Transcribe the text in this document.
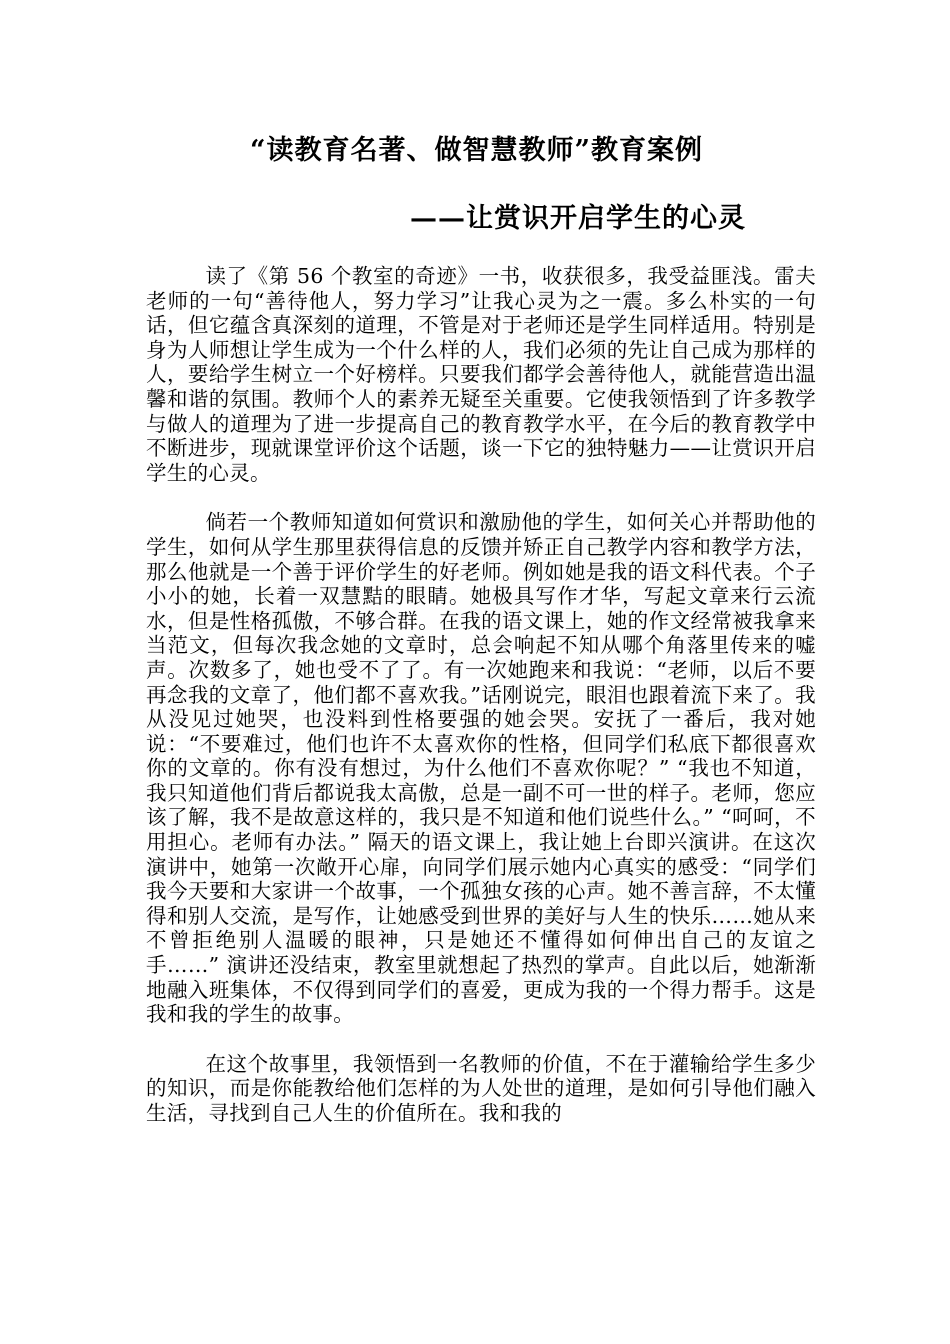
“读教育名著、做智慧教师”教育案例
——让赏识开启学生的心灵

读了《第 56 个教室的奇迹》一书，收获很多，我受益匪浅。雷夫老师的一句“善待他人，努力学习”让我心灵为之一震。多么朴实的一句话，但它蕴含真深刻的道理，不管是对于老师还是学生同样适用。特别是身为人师想让学生成为一个什么样的人，我们必须的先让自己成为那样的人，要给学生树立一个好榜样。只要我们都学会善待他人，就能营造出温馨和谐的氛围。教师个人的素养无疑至关重要。它使我领悟到了许多教学与做人的道理为了进一步提高自己的教育教学水平，在今后的教育教学中不断进步，现就课堂评价这个话题，谈一下它的独特魅力——让赏识开启学生的心灵。

倘若一个教师知道如何赏识和激励他的学生，如何关心并帮助他的学生，如何从学生那里获得信息的反馈并矫正自己教学内容和教学方法，那么他就是一个善于评价学生的好老师。例如她是我的语文科代表。个子小小的她，长着一双慧黠的眼睛。她极具写作才华，写起文章来行云流水，但是性格孤傲，不够合群。在我的语文课上，她的作文经常被我拿来当范文，但每次我念她的文章时，总会响起不知从哪个角落里传来的嘘声。次数多了，她也受不了了。有一次她跑来和我说：“老师，以后不要再念我的文章了，他们都不喜欢我。”话刚说完，眼泪也跟着流下来了。我从没见过她哭，也没料到性格要强的她会哭。安抚了一番后，我对她说：“不要难过，他们也许不太喜欢你的性格，但同学们私底下都很喜欢你的文章的。你有没有想过，为什么他们不喜欢你呢？” “我也不知道，我只知道他们背后都说我太高傲，总是一副不可一世的样子。老师，您应该了解，我不是故意这样的，我只是不知道和他们说些什么。” “呵呵，不用担心。老师有办法。” 隔天的语文课上，我让她上台即兴演讲。在这次演讲中，她第一次敞开心扉，向同学们展示她内心真实的感受：“同学们我今天要和大家讲一个故事，一个孤独女孩的心声。她不善言辞，不太懂得和别人交流，是写作，让她感受到世界的美好与人生的快乐……她从来不曾拒绝别人温暖的眼神，只是她还不懂得如何伸出自己的友谊之手……” 演讲还没结束，教室里就想起了热烈的掌声。自此以后，她渐渐地融入班集体，不仅得到同学们的喜爱，更成为我的一个得力帮手。这是我和我的学生的故事。

在这个故事里，我领悟到一名教师的价值，不在于灌输给学生多少的知识，而是你能教给他们怎样的为人处世的道理，是如何引导他们融入生活，寻找到自己人生的价值所在。我和我的
